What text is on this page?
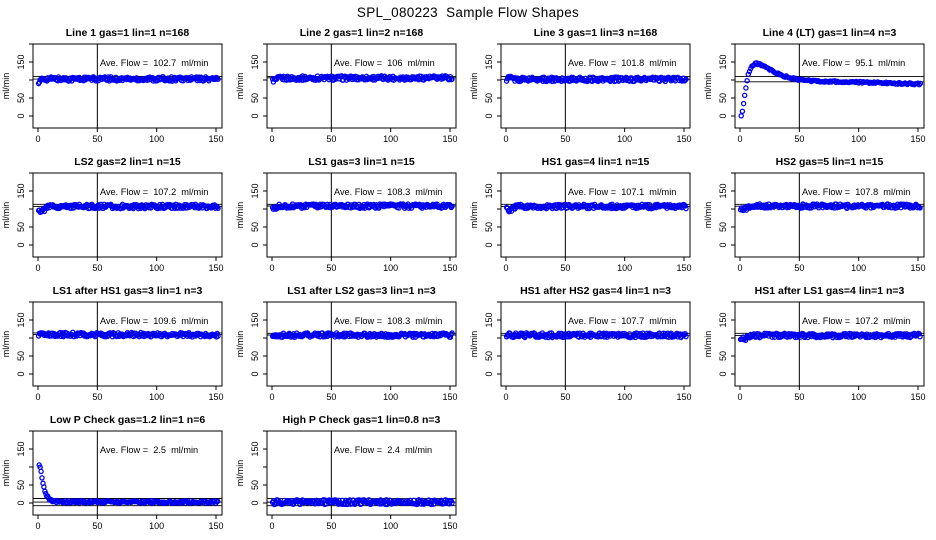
SPL_080223  Sample Flow Shapes
Line 1 gas=1 lin=1 n=168
0	50	100	150
0
50
150
ml/min
Ave. Flow =  102.7  ml/min
Line 2 gas=1 lin=2 n=168
0	50	100	150
0
50
150
ml/min
Ave. Flow =  106  ml/min
Line 3 gas=1 lin=3 n=168
0	50	100	150
0
50
150
ml/min
Ave. Flow =  101.8  ml/min
Line 4 (LT) gas=1 lin=4 n=3
0	50	100	150
0
50
150
ml/min
Ave. Flow =  95.1  ml/min
LS2 gas=2 lin=1 n=15
0	50	100	150
0
50
150
ml/min
Ave. Flow =  107.2  ml/min
LS1 gas=3 lin=1 n=15
0	50	100	150
0
50
150
ml/min
Ave. Flow =  108.3  ml/min
HS1 gas=4 lin=1 n=15
0	50	100	150
0
50
150
ml/min
Ave. Flow =  107.1  ml/min
HS2 gas=5 lin=1 n=15
0	50	100	150
0
50
150
ml/min
Ave. Flow =  107.8  ml/min
LS1 after HS1 gas=3 lin=1 n=3
0	50	100	150
0
50
150
ml/min
Ave. Flow =  109.6  ml/min
LS1 after LS2 gas=3 lin=1 n=3
0	50	100	150
0
50
150
ml/min
Ave. Flow =  108.3  ml/min
HS1 after HS2 gas=4 lin=1 n=3
0	50	100	150
0
50
150
ml/min
Ave. Flow =  107.7  ml/min
HS1 after LS1 gas=4 lin=1 n=3
0	50	100	150
0
50
150
ml/min
Ave. Flow =  107.2  ml/min
Low P Check gas=1.2 lin=1 n=6
0	50	100	150
0
50
150
ml/min
Ave. Flow =  2.5  ml/min
High P Check gas=1 lin=0.8 n=3
0	50	100	150
0
50
150
ml/min
Ave. Flow =  2.4  ml/min
